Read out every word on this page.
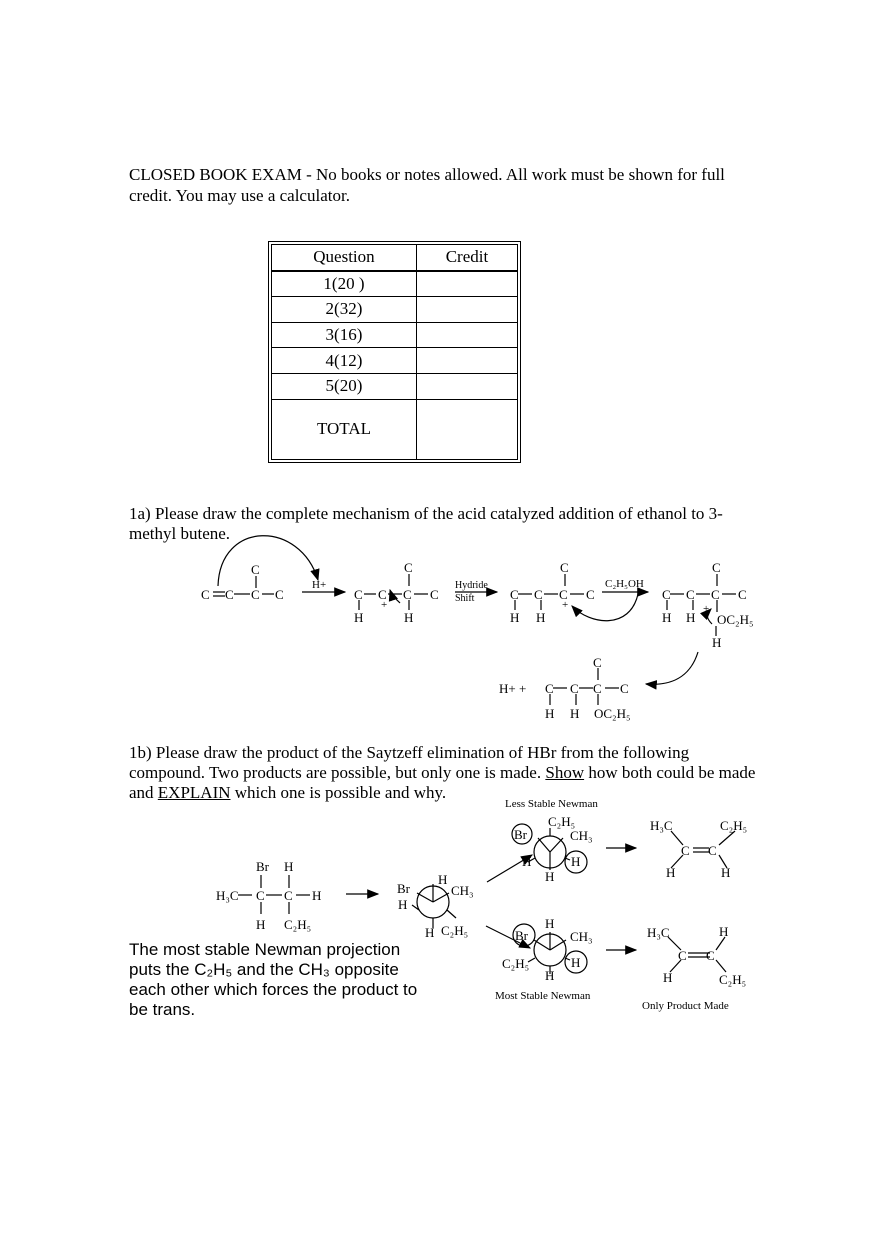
CLOSED BOOK EXAM - No books or notes allowed. All work must be shown for full credit. You may use a calculator.
Question	Credit
1(20 )	
2(32)	
3(16)	
4(12)	
5(20)	
TOTAL	
1a) Please draw the complete mechanism of the acid catalyzed addition of ethanol to 3-methyl butene.
1b) Please draw the product of the Saytzeff elimination of HBr from the following compound. Two products are possible, but only one is made. Show how both could be made and EXPLAIN which one is possible and why.
The most stable Newman projection puts the C₂H₅ and the CH₃ opposite each other which forces the product to be trans.
C C C C
C
H+
C C C C
C
H	H
+
Hydride
Shift	C C C C
C
H H
+
C₂H₅OH
C C C C
C
H H
+
OC₂H₅
H
H+ + C C C C
C
H H OC₂H₅
Br H
H₃C C C H
H C₂H₅
H
Br	CH₃
H
H C₂H₅
Less Stable Newman
C₂H₅
Br	CH₃
H	H
H
H₃C	C₂H₅
C C
H	H
H
Br	CH₃
C₂H₅	H
H
Most Stable Newman
H₃C	H
C C
H	C₂H₅
Only Product Made
